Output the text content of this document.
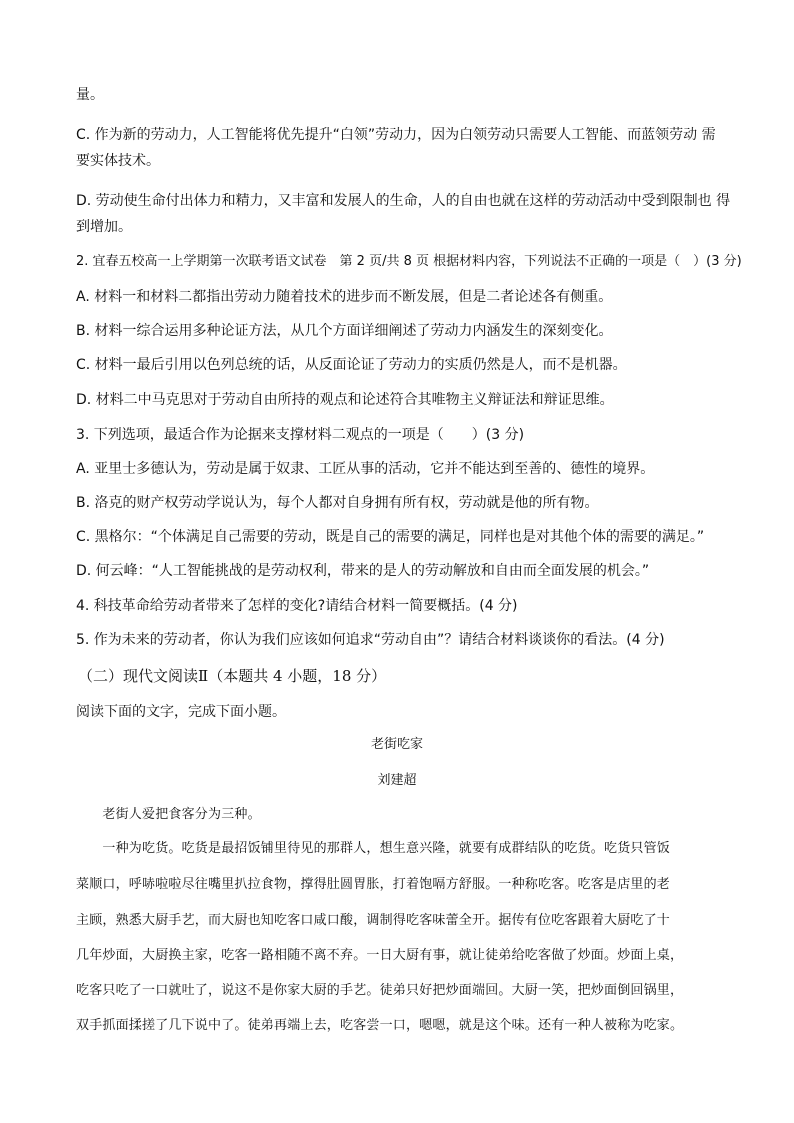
量。
C. 作为新的劳动力，人工智能将优先提升“白领”劳动力，因为白领劳动只需要人工智能、而蓝领劳动 需
要实体技术。
D. 劳动使生命付出体力和精力，又丰富和发展人的生命，人的自由也就在这样的劳动活动中受到限制也 得
到增加。
2. 宜春五校高一上学期第一次联考语文试卷　第 2 页/共 8 页 根据材料内容，下列说法不正确的一项是（　）(3 分)
A. 材料一和材料二都指出劳动力随着技术的进步而不断发展，但是二者论述各有侧重。
B. 材料一综合运用多种论证方法，从几个方面详细阐述了劳动力内涵发生的深刻变化。
C. 材料一最后引用以色列总统的话，从反面论证了劳动力的实质仍然是人，而不是机器。
D. 材料二中马克思对于劳动自由所持的观点和论述符合其唯物主义辩证法和辩证思维。
3. 下列选项，最适合作为论据来支撑材料二观点的一项是（　　）(3 分)
A. 亚里士多德认为，劳动是属于奴隶、工匠从事的活动，它并不能达到至善的、德性的境界。
B. 洛克的财产权劳动学说认为，每个人都对自身拥有所有权，劳动就是他的所有物。
C. 黑格尔：“个体满足自己需要的劳动，既是自己的需要的满足，同样也是对其他个体的需要的满足。”
D. 何云峰：“人工智能挑战的是劳动权利，带来的是人的劳动解放和自由而全面发展的机会。”
4. 科技革命给劳动者带来了怎样的变化?请结合材料一简要概括。(4 分)
5. 作为未来的劳动者，你认为我们应该如何追求“劳动自由”？请结合材料谈谈你的看法。(4 分)
（二）现代文阅读Ⅱ（本题共 4 小题，18 分）
阅读下面的文字，完成下面小题。
老街吃家
刘建超
　　老街人爱把食客分为三种。
　　一种为吃货。吃货是最招饭铺里待见的那群人，想生意兴隆，就要有成群结队的吃货。吃货只管饭
菜顺口，呼哧啦啦尽往嘴里扒拉食物，撑得肚圆胃胀，打着饱嗝方舒服。一种称吃客。吃客是店里的老
主顾，熟悉大厨手艺，而大厨也知吃客口咸口酸，调制得吃客味蕾全开。据传有位吃客跟着大厨吃了十
几年炒面，大厨换主家，吃客一路相随不离不弃。一日大厨有事，就让徒弟给吃客做了炒面。炒面上桌，
吃客只吃了一口就吐了，说这不是你家大厨的手艺。徒弟只好把炒面端回。大厨一笑，把炒面倒回锅里，
双手抓面揉搓了几下说中了。徒弟再端上去，吃客尝一口，嗯嗯，就是这个味。还有一种人被称为吃家。
